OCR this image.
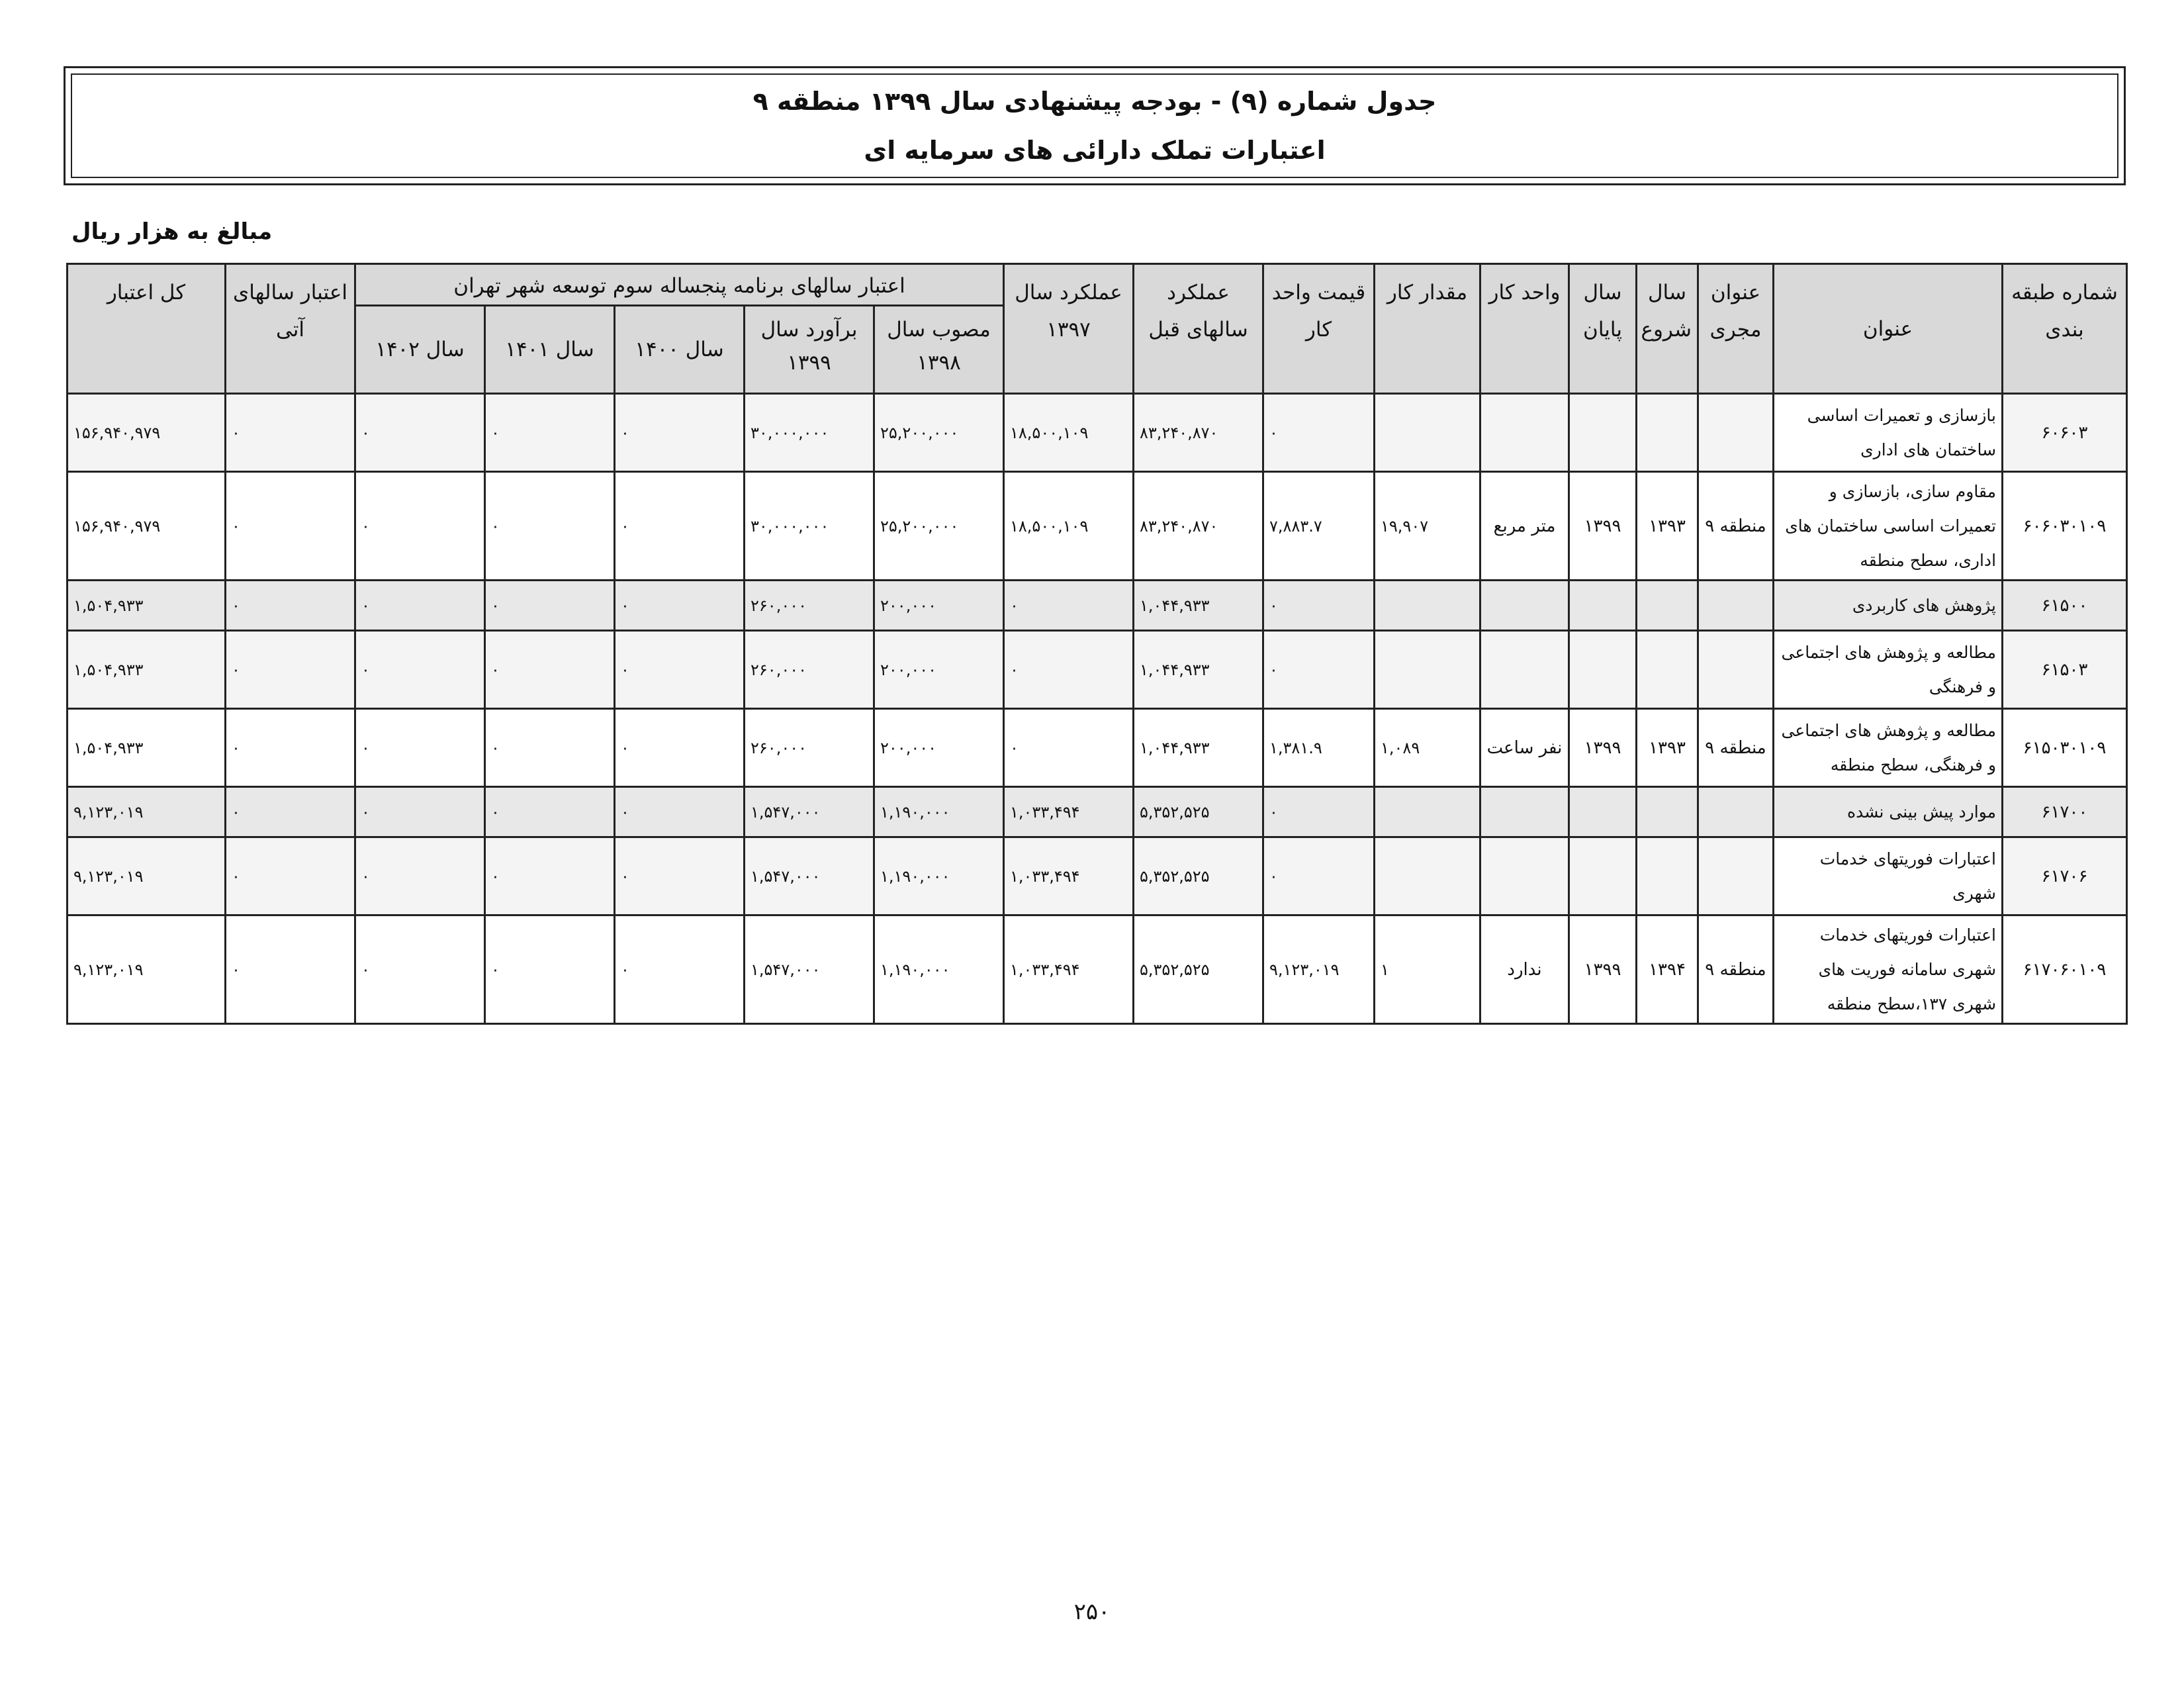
جدول شماره (۹) - بودجه پیشنهادی سال ۱۳۹۹ منطقه ۹
اعتبارات تملک دارائی های سرمایه ای
مبالغ به هزار ریال
شماره طبقه بندی	عنوان	عنوان مجری	سال شروع	سال پایان	واحد کار	مقدار کار	قیمت واحد کار	عملکرد سالهای قبل	عملکرد سال ۱۳۹۷	اعتبار سالهای برنامه پنجساله سوم توسعه شهر تهران					اعتبار سالهای آتی	کل اعتبار
										مصوب سال ۱۳۹۸	برآورد سال ۱۳۹۹	سال ۱۴۰۰	سال ۱۴۰۱	سال ۱۴۰۲		
۶۰۶۰۳	بازسازی و تعمیرات اساسی ساختمان های اداری						۰	۸۳,۲۴۰,۸۷۰	۱۸,۵۰۰,۱۰۹	۲۵,۲۰۰,۰۰۰	۳۰,۰۰۰,۰۰۰	۰	۰	۰	۰	۱۵۶,۹۴۰,۹۷۹
۶۰۶۰۳۰۱۰۹	مقاوم سازی، بازسازی و تعمیرات اساسی ساختمان های اداری، سطح منطقه	منطقه ۹	۱۳۹۳	۱۳۹۹	متر مربع	۱۹,۹۰۷	۷,۸۸۳.۷	۸۳,۲۴۰,۸۷۰	۱۸,۵۰۰,۱۰۹	۲۵,۲۰۰,۰۰۰	۳۰,۰۰۰,۰۰۰	۰	۰	۰	۰	۱۵۶,۹۴۰,۹۷۹
۶۱۵۰۰	پژوهش های کاربردی						۰	۱,۰۴۴,۹۳۳	۰	۲۰۰,۰۰۰	۲۶۰,۰۰۰	۰	۰	۰	۰	۱,۵۰۴,۹۳۳
۶۱۵۰۳	مطالعه و پژوهش های اجتماعی و فرهنگی						۰	۱,۰۴۴,۹۳۳	۰	۲۰۰,۰۰۰	۲۶۰,۰۰۰	۰	۰	۰	۰	۱,۵۰۴,۹۳۳
۶۱۵۰۳۰۱۰۹	مطالعه و پژوهش های اجتماعی و فرهنگی، سطح منطقه	منطقه ۹	۱۳۹۳	۱۳۹۹	نفر ساعت	۱,۰۸۹	۱,۳۸۱.۹	۱,۰۴۴,۹۳۳	۰	۲۰۰,۰۰۰	۲۶۰,۰۰۰	۰	۰	۰	۰	۱,۵۰۴,۹۳۳
۶۱۷۰۰	موارد پیش بینی نشده						۰	۵,۳۵۲,۵۲۵	۱,۰۳۳,۴۹۴	۱,۱۹۰,۰۰۰	۱,۵۴۷,۰۰۰	۰	۰	۰	۰	۹,۱۲۳,۰۱۹
۶۱۷۰۶	اعتبارات فوریتهای خدمات شهری						۰	۵,۳۵۲,۵۲۵	۱,۰۳۳,۴۹۴	۱,۱۹۰,۰۰۰	۱,۵۴۷,۰۰۰	۰	۰	۰	۰	۹,۱۲۳,۰۱۹
۶۱۷۰۶۰۱۰۹	اعتبارات فوریتهای خدمات شهری سامانه فوریت های شهری ۱۳۷،سطح منطقه	منطقه ۹	۱۳۹۴	۱۳۹۹	ندارد	۱	۹,۱۲۳,۰۱۹	۵,۳۵۲,۵۲۵	۱,۰۳۳,۴۹۴	۱,۱۹۰,۰۰۰	۱,۵۴۷,۰۰۰	۰	۰	۰	۰	۹,۱۲۳,۰۱۹
۲۵۰
